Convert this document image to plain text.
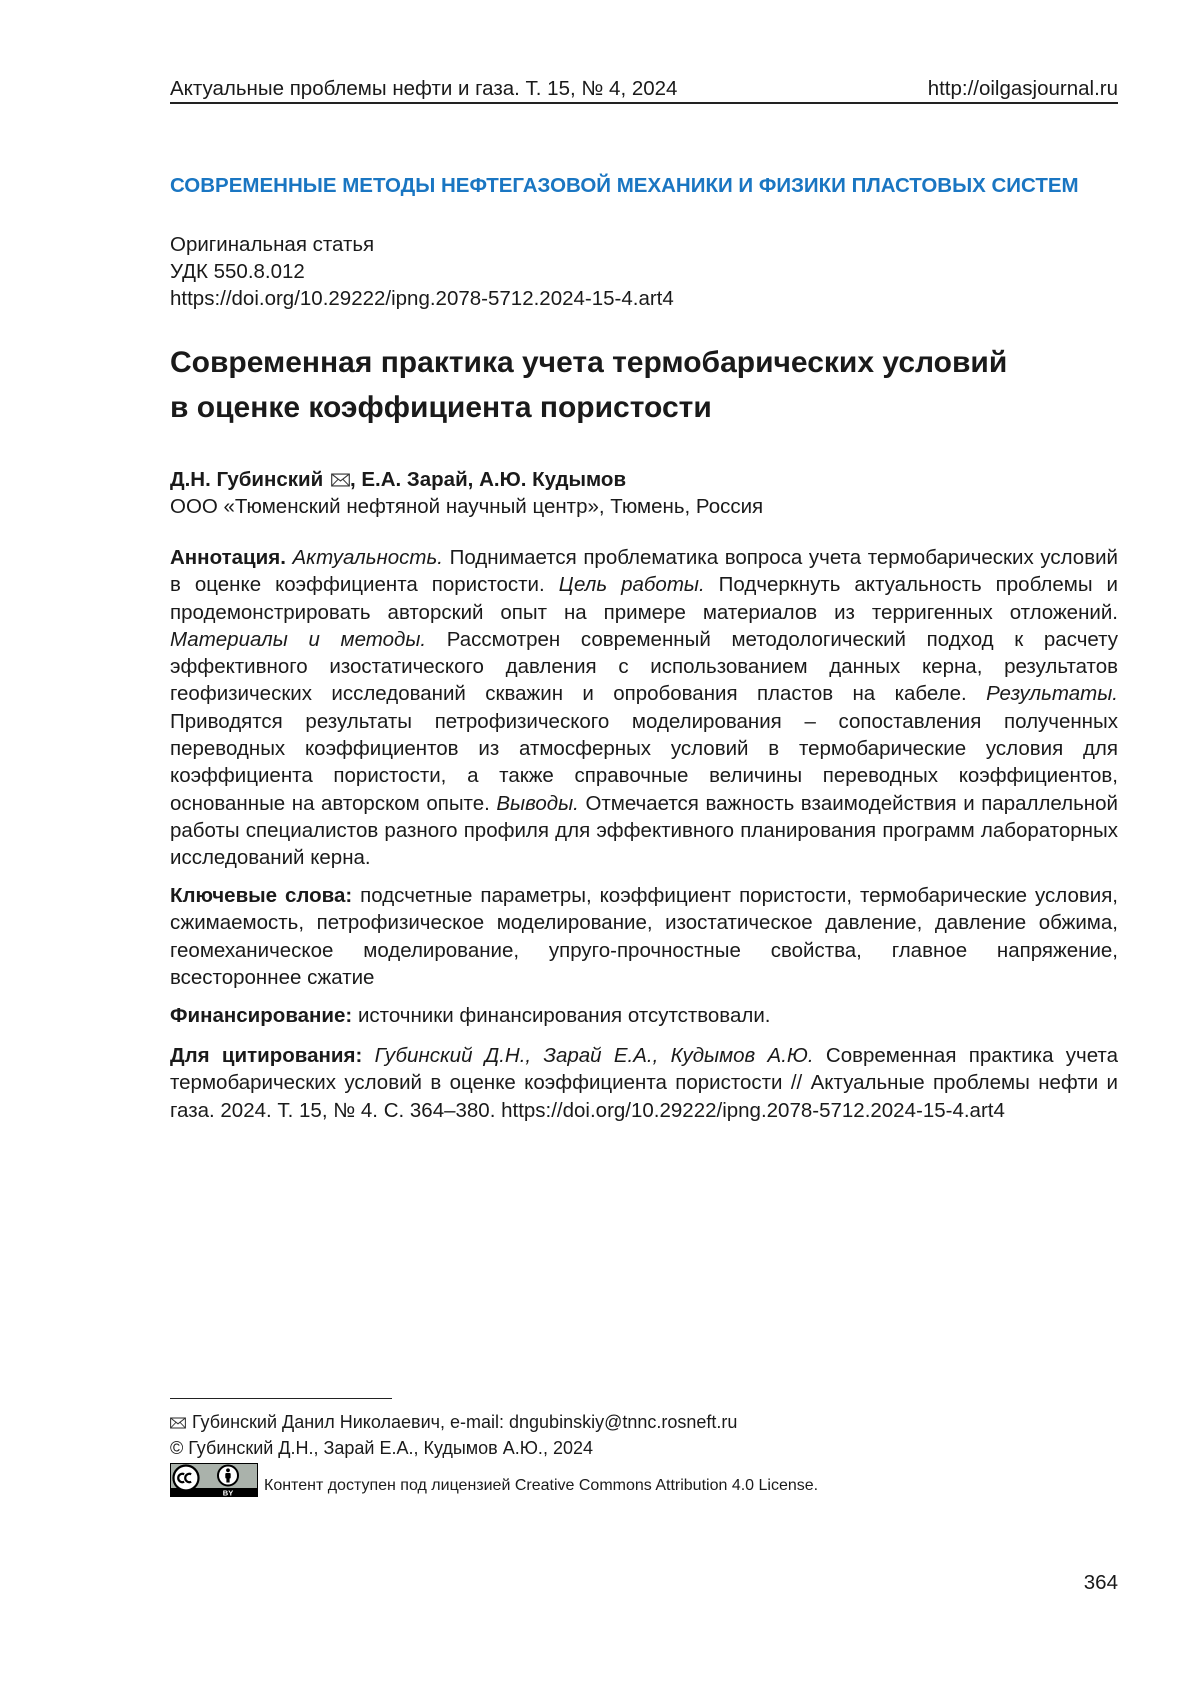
Актуальные проблемы нефти и газа. Т. 15, № 4, 2024	http://oilgasjournal.ru
СОВРЕМЕННЫЕ МЕТОДЫ НЕФТЕГАЗОВОЙ МЕХАНИКИ И ФИЗИКИ ПЛАСТОВЫХ СИСТЕМ
Оригинальная статья
УДК 550.8.012
https://doi.org/10.29222/ipng.2078-5712.2024-15-4.art4
Современная практика учета термобарических условий
в оценке коэффициента пористости
Д.Н. Губинский , Е.А. Зарай, А.Ю. Кудымов
ООО «Тюменский нефтяной научный центр», Тюмень, Россия
Аннотация. Актуальность. Поднимается проблематика вопроса учета термобарических условий в оценке коэффициента пористости. Цель работы. Подчеркнуть актуальность проблемы и продемонстрировать авторский опыт на примере материалов из терригенных отложений. Материалы и методы. Рассмотрен современный методологический подход к расчету эффективного изостатического давления с использованием данных керна, результатов геофизических исследований скважин и опробования пластов на кабеле. Результаты. Приводятся результаты петрофизического моделирования – сопоставления полученных переводных коэффициентов из атмосферных условий в термобарические условия для коэффициента пористости, а также справочные величины переводных коэффициентов, основанные на авторском опыте. Выводы. Отмечается важность взаимодействия и параллельной работы специалистов разного профиля для эффективного планирования программ лабораторных исследований керна.
Ключевые слова: подсчетные параметры, коэффициент пористости, термобарические условия, сжимаемость, петрофизическое моделирование, изостатическое давление, давление обжима, геомеханическое моделирование, упруго-прочностные свойства, главное напряжение, всестороннее сжатие
Финансирование: источники финансирования отсутствовали.
Для цитирования: Губинский Д.Н., Зарай Е.А., Кудымов А.Ю. Современная практика учета термобарических условий в оценке коэффициента пористости // Актуальные проблемы нефти и газа. 2024. Т. 15, № 4. С. 364–380. https://doi.org/10.29222/ipng.2078-5712.2024-15-4.art4
Губинский Данил Николаевич, e-mail: dngubinskiy@tnnc.rosneft.ru
© Губинский Д.Н., Зарай Е.А., Кудымов А.Ю., 2024
BY Контент доступен под лицензией Creative Commons Attribution 4.0 License.
364
